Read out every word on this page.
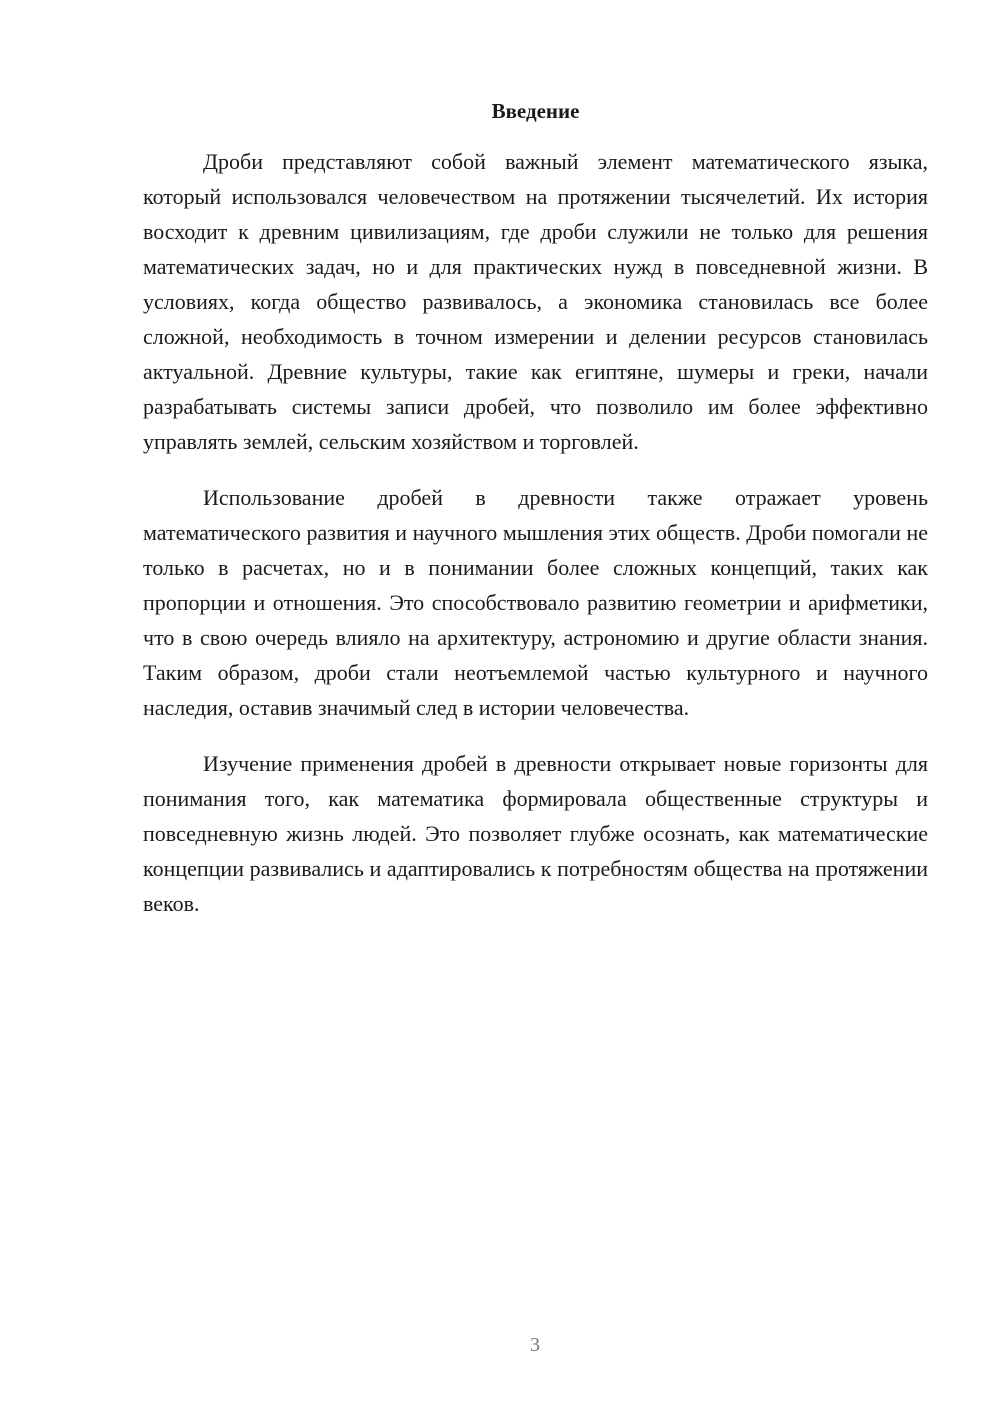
Введение

Дроби представляют собой важный элемент математического языка, который использовался человечеством на протяжении тысячелетий. Их история восходит к древним цивилизациям, где дроби служили не только для решения математических задач, но и для практических нужд в повседневной жизни. В условиях, когда общество развивалось, а экономика становилась все более сложной, необходимость в точном измерении и делении ресурсов становилась актуальной. Древние культуры, такие как египтяне, шумеры и греки, начали разрабатывать системы записи дробей, что позволило им более эффективно управлять землей, сельским хозяйством и торговлей.

Использование дробей в древности также отражает уровень математического развития и научного мышления этих обществ. Дроби помогали не только в расчетах, но и в понимании более сложных концепций, таких как пропорции и отношения. Это способствовало развитию геометрии и арифметики, что в свою очередь влияло на архитектуру, астрономию и другие области знания. Таким образом, дроби стали неотъемлемой частью культурного и научного наследия, оставив значимый след в истории человечества.

Изучение применения дробей в древности открывает новые горизонты для понимания того, как математика формировала общественные структуры и повседневную жизнь людей. Это позволяет глубже осознать, как математические концепции развивались и адаптировались к потребностям общества на протяжении веков.

3
